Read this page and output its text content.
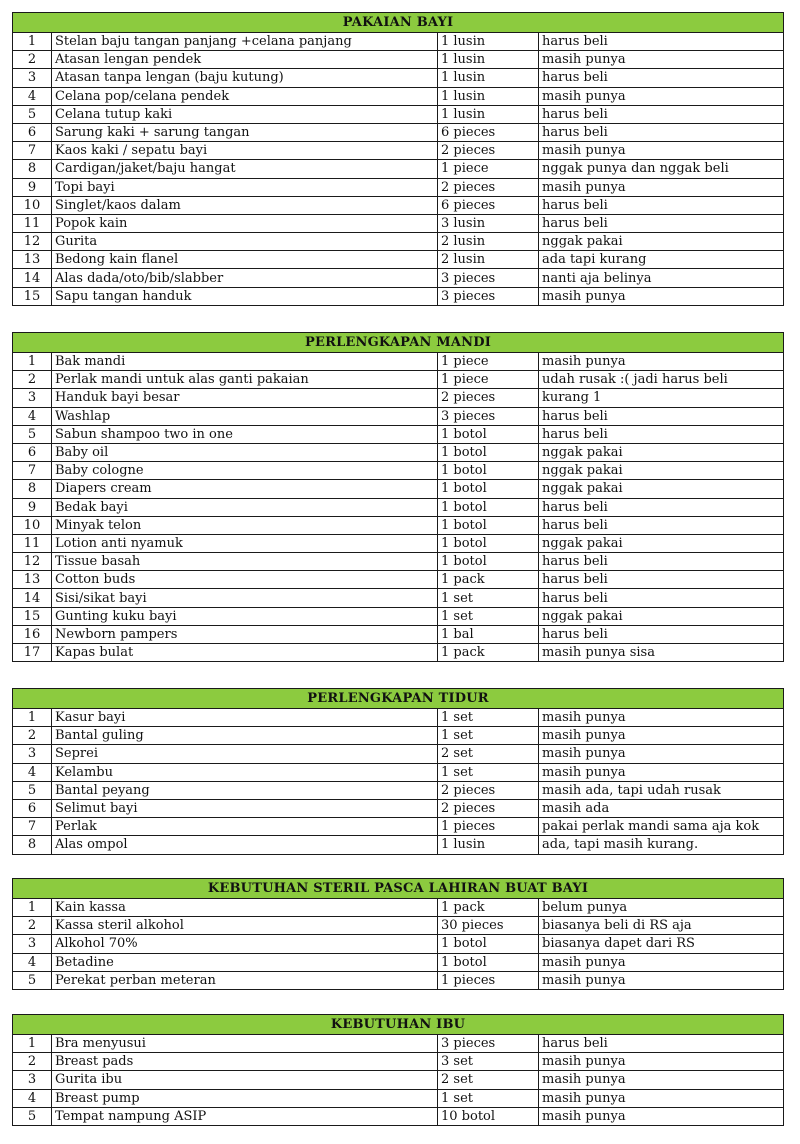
PAKAIAN BAYI			
1	Stelan baju tangan panjang +celana panjang	1 lusin	harus beli
2	Atasan lengan pendek	1 lusin	masih punya
3	Atasan tanpa lengan (baju kutung)	1 lusin	harus beli
4	Celana pop/celana pendek	1 lusin	masih punya
5	Celana tutup kaki	1 lusin	harus beli
6	Sarung kaki + sarung tangan	6 pieces	harus beli
7	Kaos kaki / sepatu bayi	2 pieces	masih punya
8	Cardigan/jaket/baju hangat	1 piece	nggak punya dan nggak beli
9	Topi bayi	2 pieces	masih punya
10	Singlet/kaos dalam	6 pieces	harus beli
11	Popok kain	3 lusin	harus beli
12	Gurita	2 lusin	nggak pakai
13	Bedong kain flanel	2 lusin	ada tapi kurang
14	Alas dada/oto/bib/slabber	3 pieces	nanti aja belinya
15	Sapu tangan handuk	3 pieces	masih punya
PERLENGKAPAN MANDI			
1	Bak mandi	1 piece	masih punya
2	Perlak mandi untuk alas ganti pakaian	1 piece	udah rusak :( jadi harus beli
3	Handuk bayi besar	2 pieces	kurang 1
4	Washlap	3 pieces	harus beli
5	Sabun shampoo two in one	1 botol	harus beli
6	Baby oil	1 botol	nggak pakai
7	Baby cologne	1 botol	nggak pakai
8	Diapers cream	1 botol	nggak pakai
9	Bedak bayi	1 botol	harus beli
10	Minyak telon	1 botol	harus beli
11	Lotion anti nyamuk	1 botol	nggak pakai
12	Tissue basah	1 botol	harus beli
13	Cotton buds	1 pack	harus beli
14	Sisi/sikat bayi	1 set	harus beli
15	Gunting kuku bayi	1 set	nggak pakai
16	Newborn pampers	1 bal	harus beli
17	Kapas bulat	1 pack	masih punya sisa
PERLENGKAPAN TIDUR			
1	Kasur bayi	1 set	masih punya
2	Bantal guling	1 set	masih punya
3	Seprei	2 set	masih punya
4	Kelambu	1 set	masih punya
5	Bantal peyang	2 pieces	masih ada, tapi udah rusak
6	Selimut bayi	2 pieces	masih ada
7	Perlak	1 pieces	pakai perlak mandi sama aja kok
8	Alas ompol	1 lusin	ada, tapi masih kurang.
KEBUTUHAN STERIL PASCA LAHIRAN BUAT BAYI			
1	Kain kassa	1 pack	belum punya
2	Kassa steril alkohol	30 pieces	biasanya beli di RS aja
3	Alkohol 70%	1 botol	biasanya dapet dari RS
4	Betadine	1 botol	masih punya
5	Perekat perban meteran	1 pieces	masih punya
KEBUTUHAN IBU			
1	Bra menyusui	3 pieces	harus beli
2	Breast pads	3 set	masih punya
3	Gurita ibu	2 set	masih punya
4	Breast pump	1 set	masih punya
5	Tempat nampung ASIP	10 botol	masih punya
